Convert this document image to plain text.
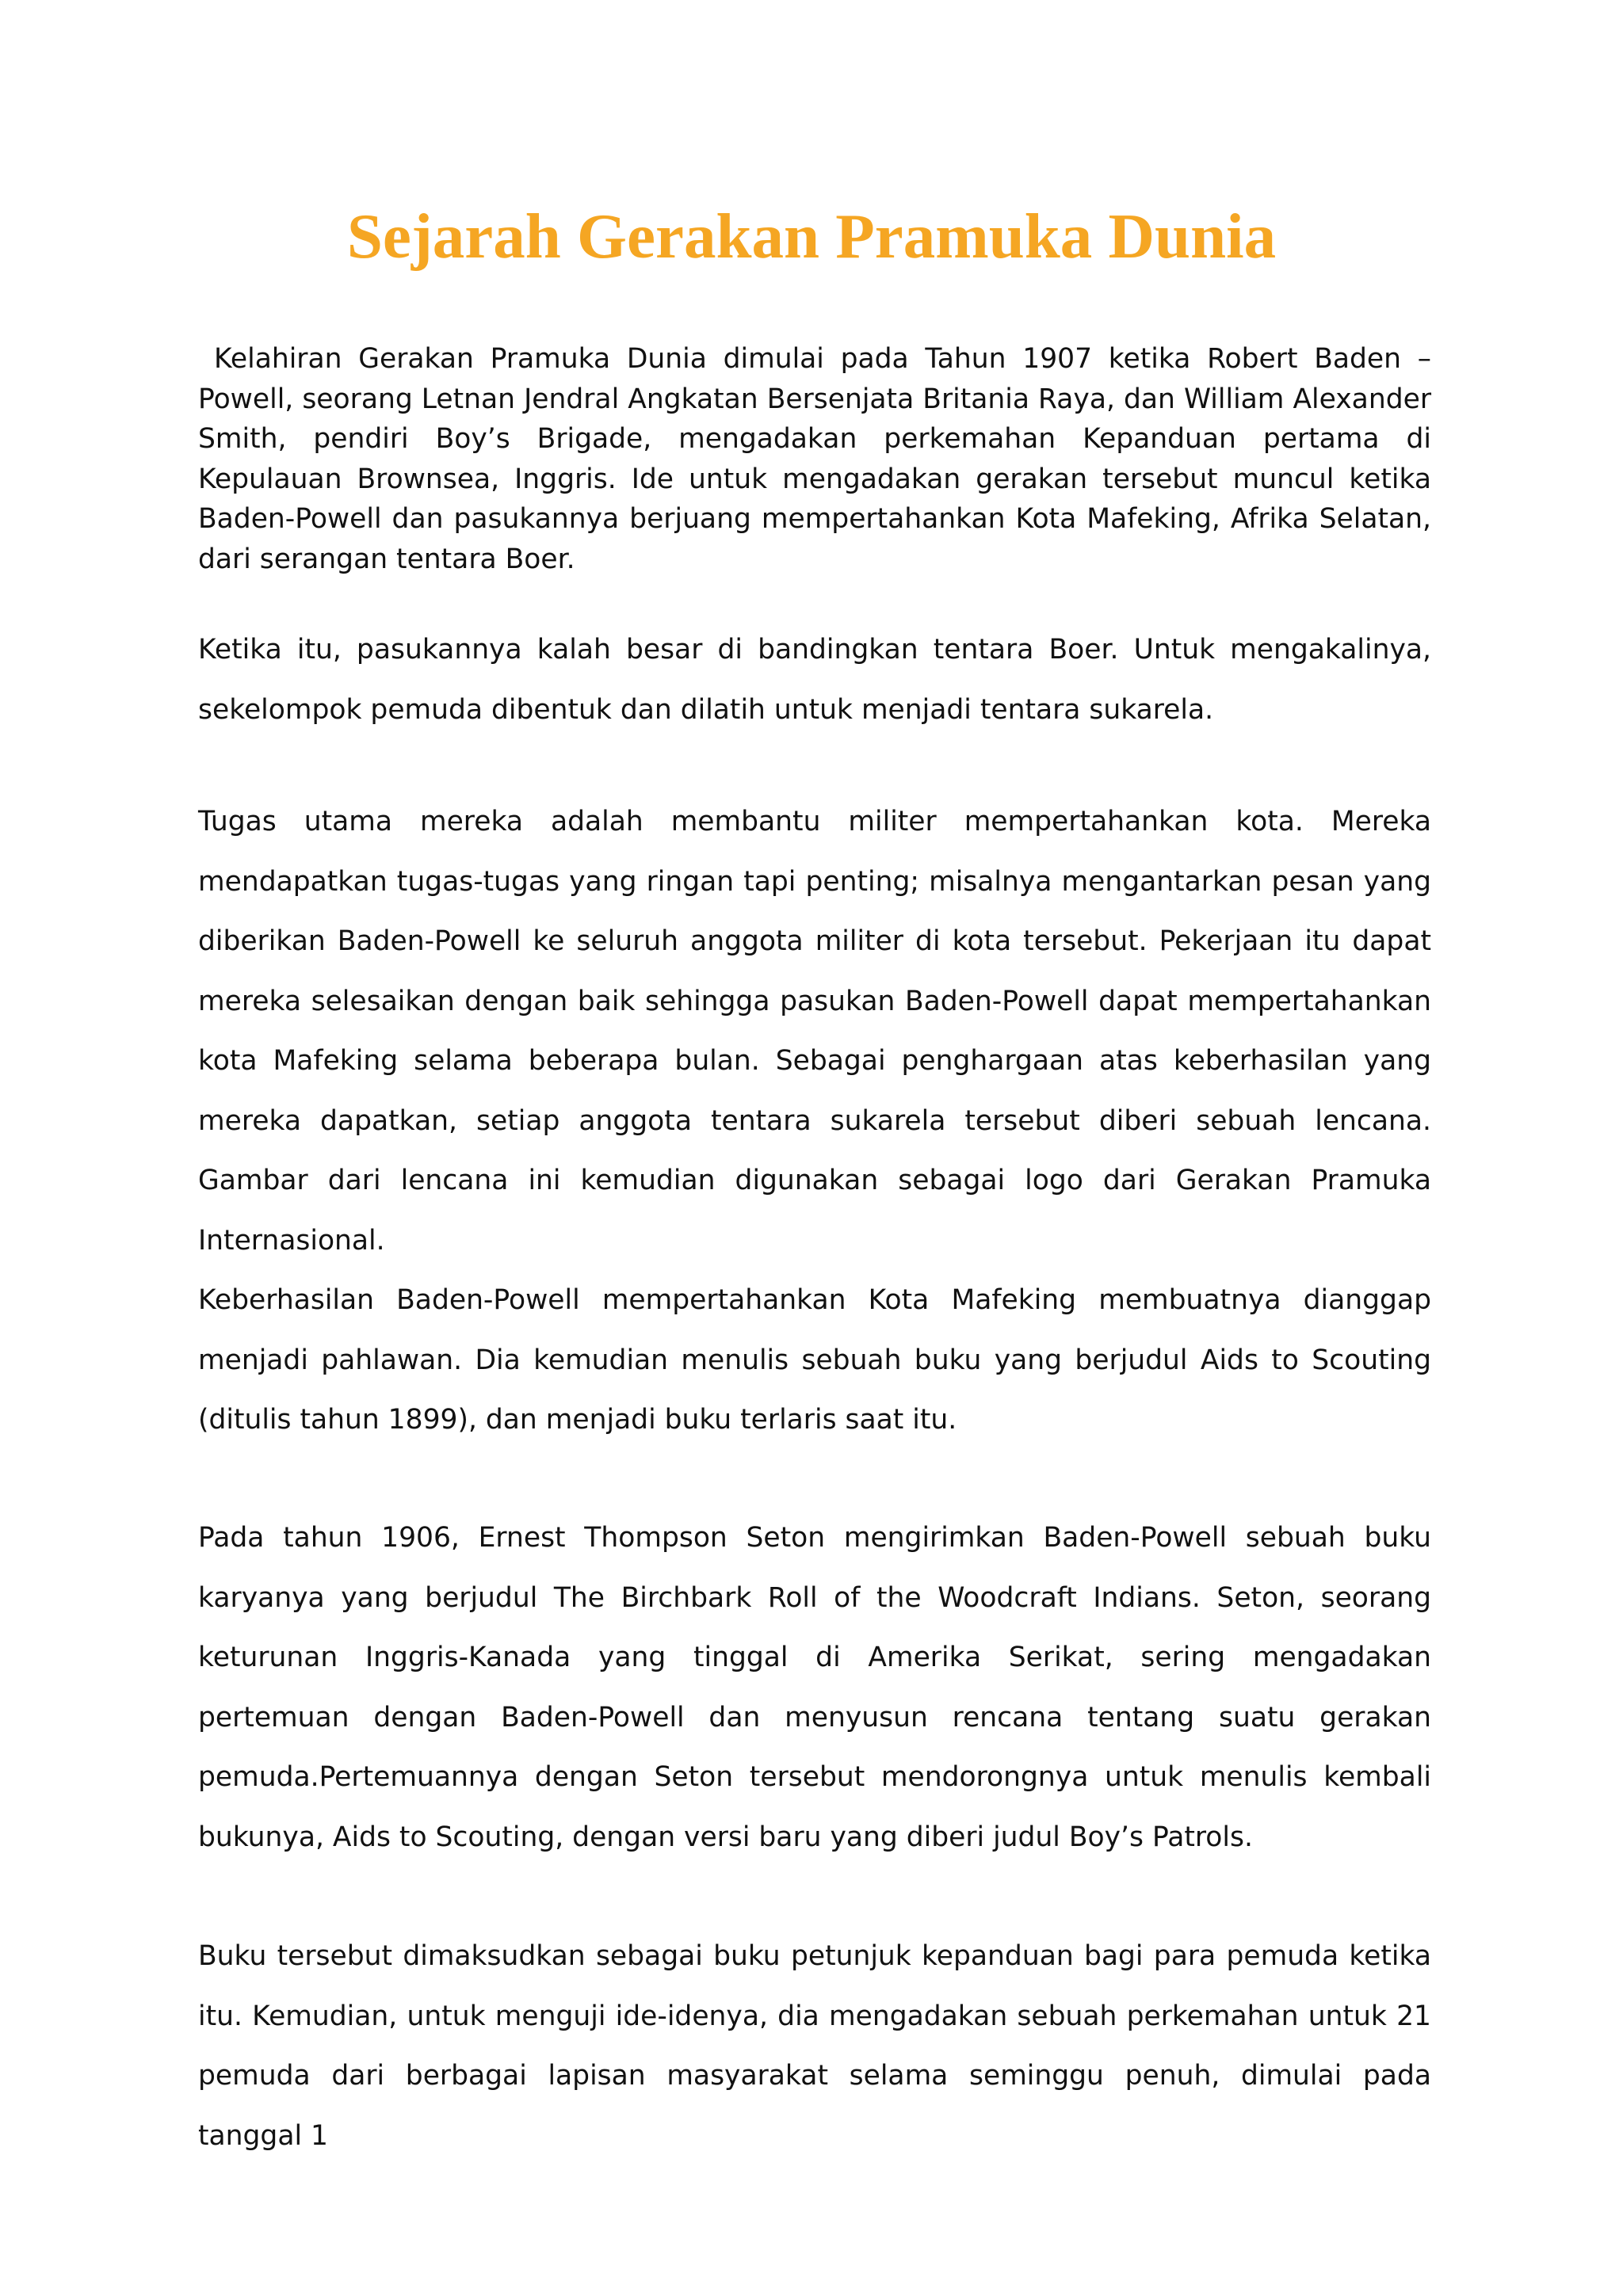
Sejarah Gerakan Pramuka Dunia

Kelahiran Gerakan Pramuka Dunia dimulai pada Tahun 1907 ketika Robert Baden – Powell, seorang Letnan Jendral Angkatan Bersenjata Britania Raya, dan William Alexander Smith, pendiri Boy’s Brigade, mengadakan perkemahan Kepanduan pertama di Kepulauan Brownsea, Inggris. Ide untuk mengadakan gerakan tersebut muncul ketika Baden-Powell dan pasukannya berjuang mempertahankan Kota Mafeking, Afrika Selatan, dari serangan tentara Boer.

Ketika itu, pasukannya kalah besar di bandingkan tentara Boer. Untuk mengakalinya, sekelompok pemuda dibentuk dan dilatih untuk menjadi tentara sukarela.

Tugas utama mereka adalah membantu militer mempertahankan kota. Mereka mendapatkan tugas-tugas yang ringan tapi penting; misalnya mengantarkan pesan yang diberikan Baden-Powell ke seluruh anggota militer di kota tersebut. Pekerjaan itu dapat mereka selesaikan dengan baik sehingga pasukan Baden-Powell dapat mempertahankan kota Mafeking selama beberapa bulan. Sebagai penghargaan atas keberhasilan yang mereka dapatkan, setiap anggota tentara sukarela tersebut diberi sebuah lencana. Gambar dari lencana ini kemudian digunakan sebagai logo dari Gerakan Pramuka Internasional.

Keberhasilan Baden-Powell mempertahankan Kota Mafeking membuatnya dianggap menjadi pahlawan. Dia kemudian menulis sebuah buku yang berjudul Aids to Scouting (ditulis tahun 1899), dan menjadi buku terlaris saat itu.

Pada tahun 1906, Ernest Thompson Seton mengirimkan Baden-Powell sebuah buku karyanya yang berjudul The Birchbark Roll of the Woodcraft Indians. Seton, seorang keturunan Inggris-Kanada yang tinggal di Amerika Serikat, sering mengadakan pertemuan dengan Baden-Powell dan menyusun rencana tentang suatu gerakan pemuda.Pertemuannya dengan Seton tersebut mendorongnya untuk menulis kembali bukunya, Aids to Scouting, dengan versi baru yang diberi judul Boy’s Patrols.

Buku tersebut dimaksudkan sebagai buku petunjuk kepanduan bagi para pemuda ketika itu. Kemudian, untuk menguji ide-idenya, dia mengadakan sebuah perkemahan untuk 21 pemuda dari berbagai lapisan masyarakat selama seminggu penuh, dimulai pada tanggal 1
